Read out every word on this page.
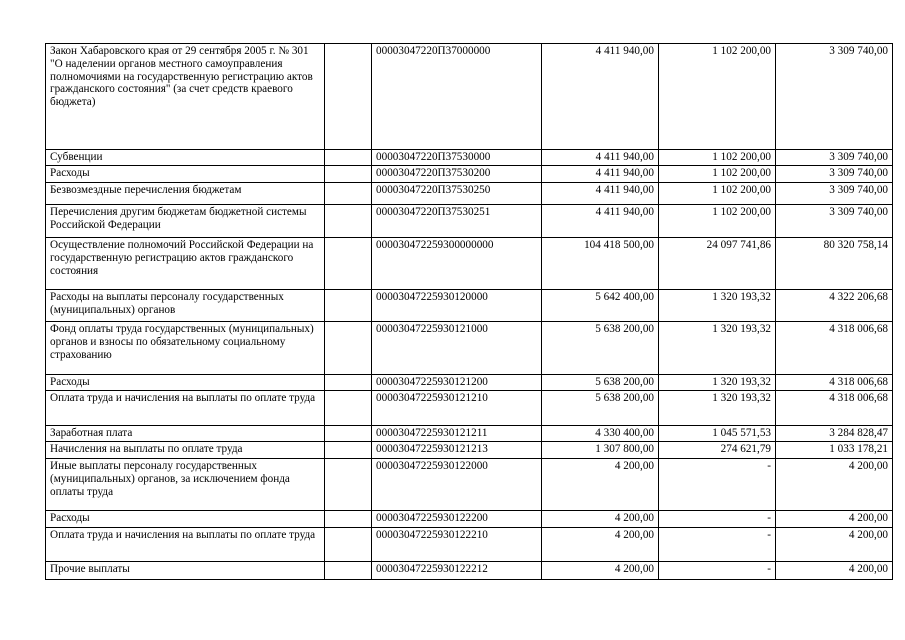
Закон Хабаровского края от 29 сентября 2005 г. № 301 "О наделении органов местного самоуправления полномочиями на государственную регистрацию актов гражданского состояния" (за счет средств краевого бюджета)		00003047220П37000000	4 411 940,00	1 102 200,00	3 309 740,00
Субвенции		00003047220П37530000	4 411 940,00	1 102 200,00	3 309 740,00
Расходы		00003047220П37530200	4 411 940,00	1 102 200,00	3 309 740,00
Безвозмездные перечисления бюджетам		00003047220П37530250	4 411 940,00	1 102 200,00	3 309 740,00
Перечисления другим бюджетам бюджетной системы Российской Федерации		00003047220П37530251	4 411 940,00	1 102 200,00	3 309 740,00
Осуществление полномочий Российской Федерации на государственную регистрацию актов гражданского состояния		000030472259300000000	104 418 500,00	24 097 741,86	80 320 758,14
Расходы на выплаты персоналу государственных (муниципальных) органов		00003047225930120000	5 642 400,00	1 320 193,32	4 322 206,68
Фонд оплаты труда государственных (муниципальных) органов и взносы по обязательному социальному страхованию		00003047225930121000	5 638 200,00	1 320 193,32	4 318 006,68
Расходы		00003047225930121200	5 638 200,00	1 320 193,32	4 318 006,68
Оплата труда и начисления на выплаты по оплате труда		00003047225930121210	5 638 200,00	1 320 193,32	4 318 006,68
Заработная плата		00003047225930121211	4 330 400,00	1 045 571,53	3 284 828,47
Начисления на выплаты по оплате труда		00003047225930121213	1 307 800,00	274 621,79	1 033 178,21
Иные выплаты персоналу государственных (муниципальных) органов, за исключением фонда оплаты труда		00003047225930122000	4 200,00	-	4 200,00
Расходы		00003047225930122200	4 200,00	-	4 200,00
Оплата труда и начисления на выплаты по оплате труда		00003047225930122210	4 200,00	-	4 200,00
Прочие выплаты		00003047225930122212	4 200,00	-	4 200,00
